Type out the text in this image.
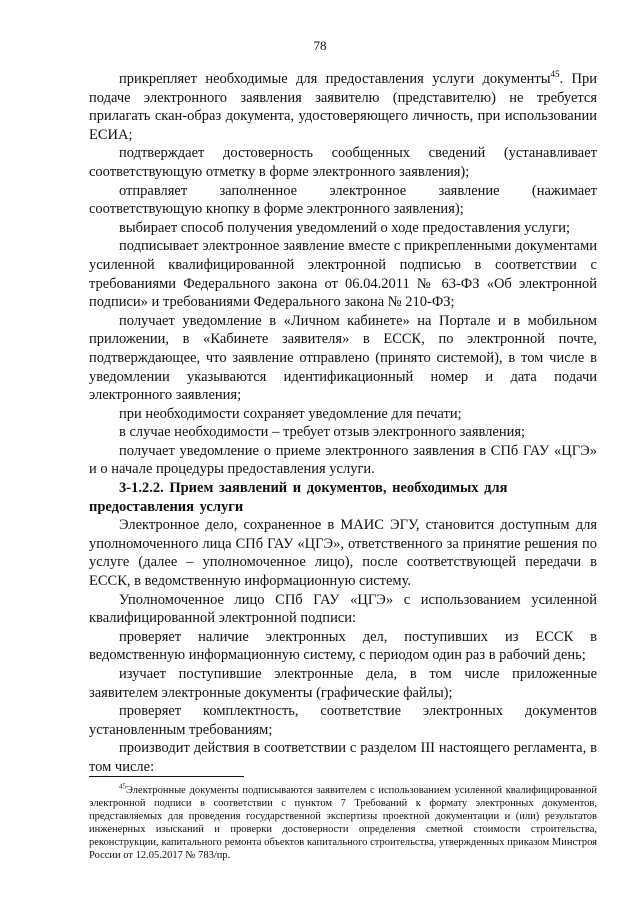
78

прикрепляет необходимые для предоставления услуги документы$^{45}$. При подаче электронного заявления заявителю (представителю) не требуется прилагать скан-образ документа, удостоверяющего личность, при использовании ЕСИА;

подтверждает достоверность сообщенных сведений (устанавливает соответствующую отметку в форме электронного заявления);

отправляет заполненное электронное заявление (нажимает соответствующую кнопку в форме электронного заявления);

выбирает способ получения уведомлений о ходе предоставления услуги;

подписывает электронное заявление вместе с прикрепленными документами усиленной квалифицированной электронной подписью в соответствии с требованиями Федерального закона от 06.04.2011 № 63-ФЗ «Об электронной подписи» и требованиями Федерального закона № 210-ФЗ;

получает уведомление в «Личном кабинете» на Портале и в мобильном приложении, в «Кабинете заявителя» в ЕССК, по электронной почте, подтверждающее, что заявление отправлено (принято системой), в том числе в уведомлении указываются идентификационный номер и дата подачи электронного заявления;

при необходимости сохраняет уведомление для печати;

в случае необходимости – требует отзыв электронного заявления;

получает уведомление о приеме электронного заявления в СПб ГАУ «ЦГЭ» и о начале процедуры предоставления услуги.

3-1.2.2. Прием заявлений и документов, необходимых для предоставления услуги

Электронное дело, сохраненное в МАИС ЭГУ, становится доступным для уполномоченного лица СПб ГАУ «ЦГЭ», ответственного за принятие решения по услуге (далее – уполномоченное лицо), после соответствующей передачи в ЕССК, в ведомственную информационную систему.

Уполномоченное лицо СПб ГАУ «ЦГЭ» с использованием усиленной квалифицированной электронной подписи:

проверяет наличие электронных дел, поступивших из ЕССК в ведомственную информационную систему, с периодом один раз в рабочий день;

изучает поступившие электронные дела, в том числе приложенные заявителем электронные документы (графические файлы);

проверяет комплектность, соответствие электронных документов установленным требованиям;

производит действия в соответствии с разделом III настоящего регламента, в том числе:

$^{45}$Электронные документы подписываются заявителем с использованием усиленной квалифицированной электронной подписи в соответствии с пунктом 7 Требований к формату электронных документов, представляемых для проведения государственной экспертизы проектной документации и (или) результатов инженерных изысканий и проверки достоверности определения сметной стоимости строительства, реконструкции, капитального ремонта объектов капитального строительства, утвержденных приказом Минстроя России от 12.05.2017 № 783/пр.
